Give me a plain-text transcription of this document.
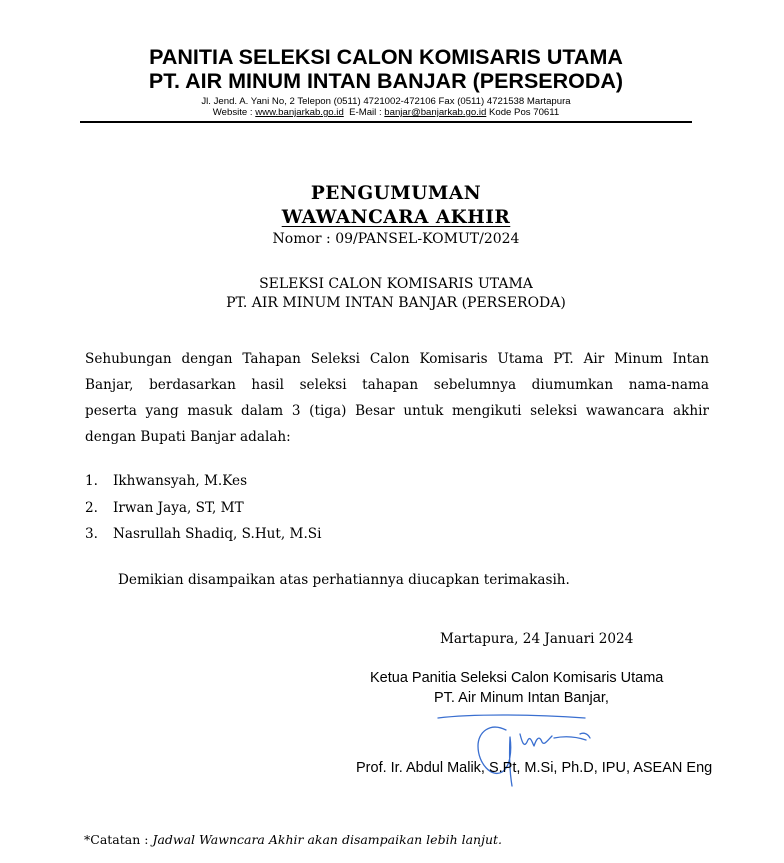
PANITIA SELEKSI CALON KOMISARIS UTAMA
PT. AIR MINUM INTAN BANJAR (PERSERODA)
Jl. Jend. A. Yani No, 2 Telepon (0511) 4721002-472106 Fax (0511) 4721538 Martapura
Website : www.banjarkab.go.id  E-Mail : banjar@banjarkab.go.id Kode Pos 70611
PENGUMUMAN
WAWANCARA AKHIR
Nomor : 09/PANSEL-KOMUT/2024
SELEKSI CALON KOMISARIS UTAMA
PT. AIR MINUM INTAN BANJAR (PERSERODA)
Sehubungan dengan Tahapan Seleksi Calon Komisaris Utama PT. Air Minum Intan
Banjar, berdasarkan hasil seleksi tahapan sebelumnya diumumkan nama-nama
peserta yang masuk dalam 3 (tiga) Besar untuk mengikuti seleksi wawancara akhir
dengan Bupati Banjar adalah:
1. Ikhwansyah, M.Kes
2. Irwan Jaya, ST, MT
3. Nasrullah Shadiq, S.Hut, M.Si
Demikian disampaikan atas perhatiannya diucapkan terimakasih.
Martapura, 24 Januari 2024
Ketua Panitia Seleksi Calon Komisaris Utama
PT. Air Minum Intan Banjar,
Prof. Ir. Abdul Malik, S.Pt, M.Si, Ph.D, IPU, ASEAN Eng
*Catatan : Jadwal Wawncara Akhir akan disampaikan lebih lanjut.
